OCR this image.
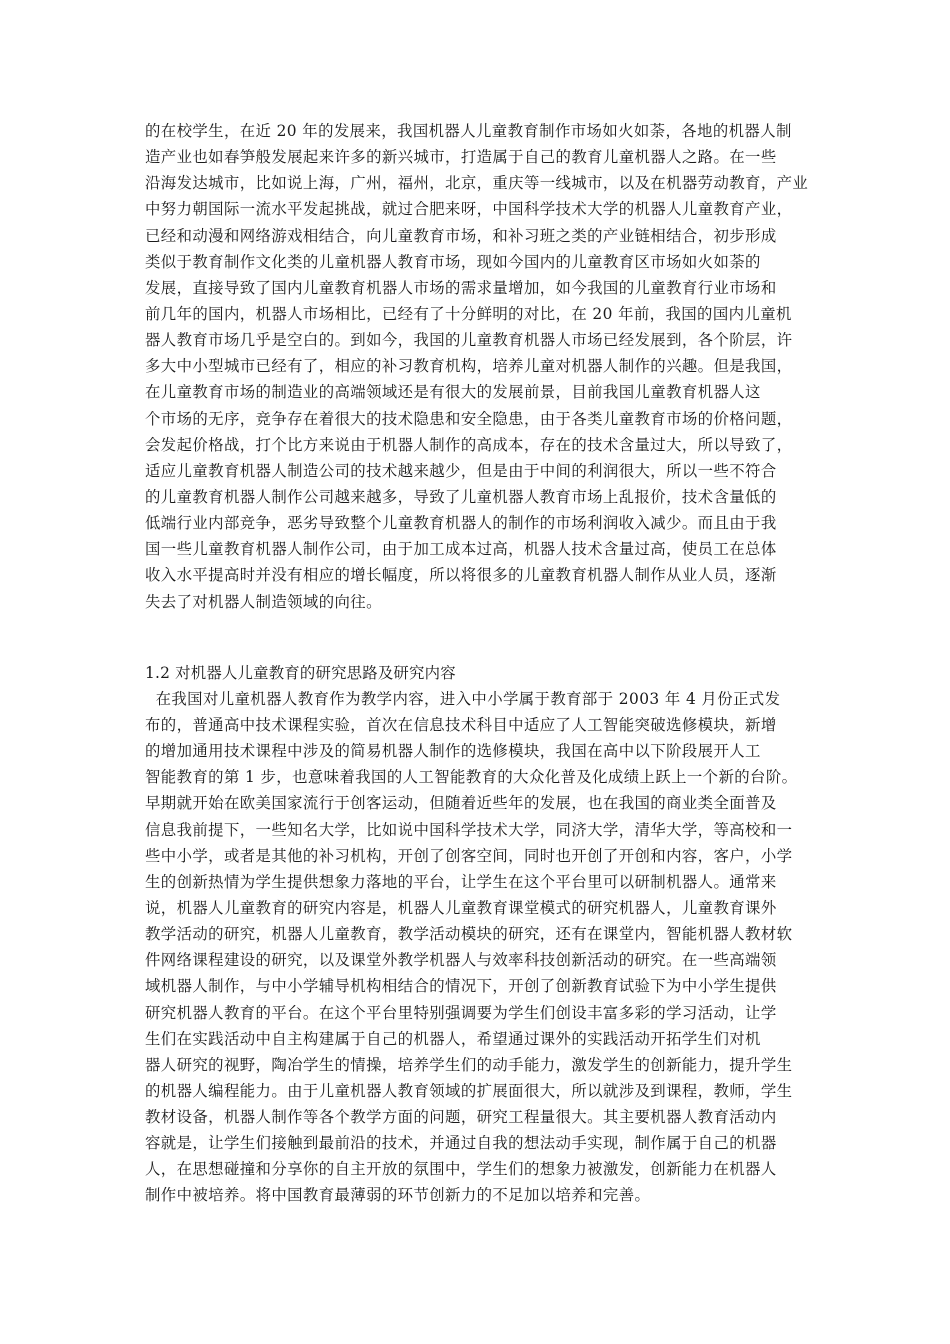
的在校学生，在近 20 年的发展来，我国机器人儿童教育制作市场如火如荼，各地的机器人制
造产业也如春笋般发展起来许多的新兴城市，打造属于自己的教育儿童机器人之路。在一些
沿海发达城市，比如说上海，广州，福州，北京，重庆等一线城市，以及在机器劳动教育，产业
中努力朝国际一流水平发起挑战，就过合肥来呀，中国科学技术大学的机器人儿童教育产业，
已经和动漫和网络游戏相结合，向儿童教育市场，和补习班之类的产业链相结合，初步形成
类似于教育制作文化类的儿童机器人教育市场，现如今国内的儿童教育区市场如火如荼的
发展，直接导致了国内儿童教育机器人市场的需求量增加，如今我国的儿童教育行业市场和
前几年的国内，机器人市场相比，已经有了十分鲜明的对比，在 20 年前，我国的国内儿童机
器人教育市场几乎是空白的。到如今，我国的儿童教育机器人市场已经发展到，各个阶层，许
多大中小型城市已经有了，相应的补习教育机构，培养儿童对机器人制作的兴趣。但是我国，
在儿童教育市场的制造业的高端领域还是有很大的发展前景，目前我国儿童教育机器人这
个市场的无序，竞争存在着很大的技术隐患和安全隐患，由于各类儿童教育市场的价格问题，
会发起价格战，打个比方来说由于机器人制作的高成本，存在的技术含量过大，所以导致了，
适应儿童教育机器人制造公司的技术越来越少，但是由于中间的利润很大，所以一些不符合
的儿童教育机器人制作公司越来越多，导致了儿童机器人教育市场上乱报价，技术含量低的
低端行业内部竞争，恶劣导致整个儿童教育机器人的制作的市场利润收入减少。而且由于我
国一些儿童教育机器人制作公司，由于加工成本过高，机器人技术含量过高，使员工在总体
收入水平提高时并没有相应的增长幅度，所以将很多的儿童教育机器人制作从业人员，逐渐
失去了对机器人制造领域的向往。
1.2 对机器人儿童教育的研究思路及研究内容
在我国对儿童机器人教育作为教学内容，进入中小学属于教育部于 2003 年 4 月份正式发
布的，普通高中技术课程实验，首次在信息技术科目中适应了人工智能突破选修模块，新增
的增加通用技术课程中涉及的简易机器人制作的选修模块，我国在高中以下阶段展开人工
智能教育的第 1 步，也意味着我国的人工智能教育的大众化普及化成绩上跃上一个新的台阶。
早期就开始在欧美国家流行于创客运动，但随着近些年的发展，也在我国的商业类全面普及
信息我前提下，一些知名大学，比如说中国科学技术大学，同济大学，清华大学，等高校和一
些中小学，或者是其他的补习机构，开创了创客空间，同时也开创了开创和内容，客户，小学
生的创新热情为学生提供想象力落地的平台，让学生在这个平台里可以研制机器人。通常来
说，机器人儿童教育的研究内容是，机器人儿童教育课堂模式的研究机器人，儿童教育课外
教学活动的研究，机器人儿童教育，教学活动模块的研究，还有在课堂内，智能机器人教材软
件网络课程建设的研究，以及课堂外教学机器人与效率科技创新活动的研究。在一些高端领
域机器人制作，与中小学辅导机构相结合的情况下，开创了创新教育试验下为中小学生提供
研究机器人教育的平台。在这个平台里特别强调要为学生们创设丰富多彩的学习活动，让学
生们在实践活动中自主构建属于自己的机器人，希望通过课外的实践活动开拓学生们对机
器人研究的视野，陶冶学生的情操，培养学生们的动手能力，激发学生的创新能力，提升学生
的机器人编程能力。由于儿童机器人教育领域的扩展面很大，所以就涉及到课程，教师，学生
教材设备，机器人制作等各个教学方面的问题，研究工程量很大。其主要机器人教育活动内
容就是，让学生们接触到最前沿的技术，并通过自我的想法动手实现，制作属于自己的机器
人，在思想碰撞和分享你的自主开放的氛围中，学生们的想象力被激发，创新能力在机器人
制作中被培养。将中国教育最薄弱的环节创新力的不足加以培养和完善。
